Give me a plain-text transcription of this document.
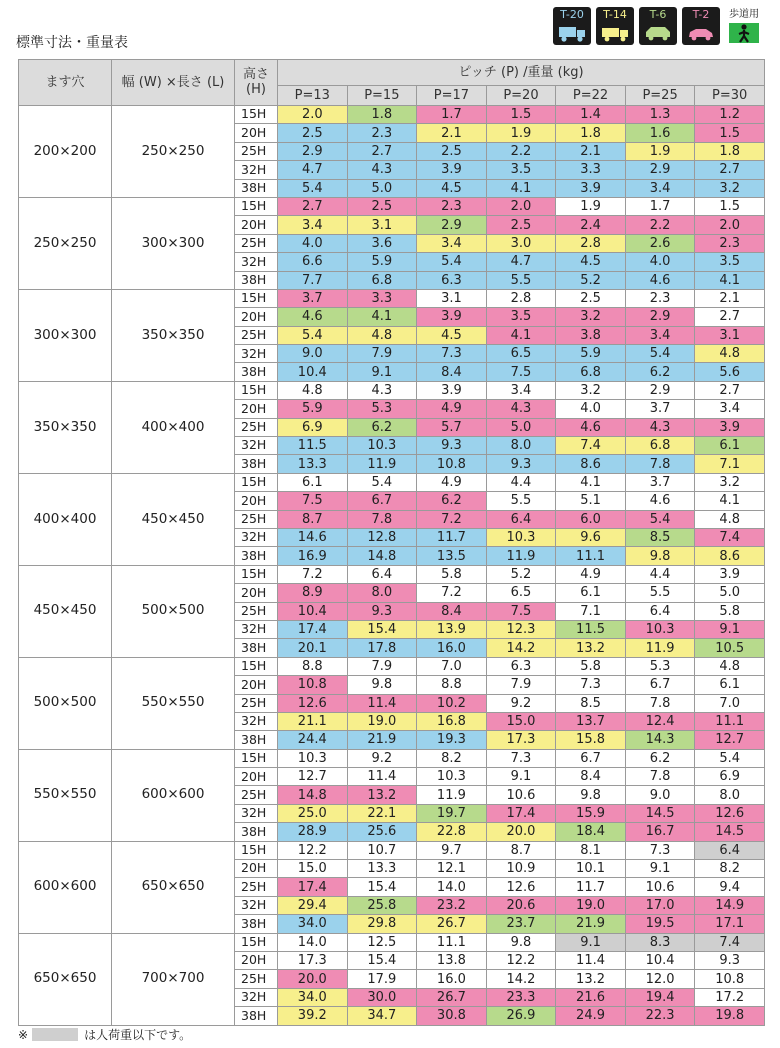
標準寸法・重量表
T-20	T-14	T-6	T-2	歩道用
ます穴	幅 (W) ×長さ (L)	高さ
(H)	ピッチ (P) /重量 (kg)						
			P=13	P=15	P=17	P=20	P=22	P=25	P=30
200×200	250×250	15H	2.0	1.8	1.7	1.5	1.4	1.3	1.2
		20H	2.5	2.3	2.1	1.9	1.8	1.6	1.5
		25H	2.9	2.7	2.5	2.2	2.1	1.9	1.8
		32H	4.7	4.3	3.9	3.5	3.3	2.9	2.7
		38H	5.4	5.0	4.5	4.1	3.9	3.4	3.2
250×250	300×300	15H	2.7	2.5	2.3	2.0	1.9	1.7	1.5
		20H	3.4	3.1	2.9	2.5	2.4	2.2	2.0
		25H	4.0	3.6	3.4	3.0	2.8	2.6	2.3
		32H	6.6	5.9	5.4	4.7	4.5	4.0	3.5
		38H	7.7	6.8	6.3	5.5	5.2	4.6	4.1
300×300	350×350	15H	3.7	3.3	3.1	2.8	2.5	2.3	2.1
		20H	4.6	4.1	3.9	3.5	3.2	2.9	2.7
		25H	5.4	4.8	4.5	4.1	3.8	3.4	3.1
		32H	9.0	7.9	7.3	6.5	5.9	5.4	4.8
		38H	10.4	9.1	8.4	7.5	6.8	6.2	5.6
350×350	400×400	15H	4.8	4.3	3.9	3.4	3.2	2.9	2.7
		20H	5.9	5.3	4.9	4.3	4.0	3.7	3.4
		25H	6.9	6.2	5.7	5.0	4.6	4.3	3.9
		32H	11.5	10.3	9.3	8.0	7.4	6.8	6.1
		38H	13.3	11.9	10.8	9.3	8.6	7.8	7.1
400×400	450×450	15H	6.1	5.4	4.9	4.4	4.1	3.7	3.2
		20H	7.5	6.7	6.2	5.5	5.1	4.6	4.1
		25H	8.7	7.8	7.2	6.4	6.0	5.4	4.8
		32H	14.6	12.8	11.7	10.3	9.6	8.5	7.4
		38H	16.9	14.8	13.5	11.9	11.1	9.8	8.6
450×450	500×500	15H	7.2	6.4	5.8	5.2	4.9	4.4	3.9
		20H	8.9	8.0	7.2	6.5	6.1	5.5	5.0
		25H	10.4	9.3	8.4	7.5	7.1	6.4	5.8
		32H	17.4	15.4	13.9	12.3	11.5	10.3	9.1
		38H	20.1	17.8	16.0	14.2	13.2	11.9	10.5
500×500	550×550	15H	8.8	7.9	7.0	6.3	5.8	5.3	4.8
		20H	10.8	9.8	8.8	7.9	7.3	6.7	6.1
		25H	12.6	11.4	10.2	9.2	8.5	7.8	7.0
		32H	21.1	19.0	16.8	15.0	13.7	12.4	11.1
		38H	24.4	21.9	19.3	17.3	15.8	14.3	12.7
550×550	600×600	15H	10.3	9.2	8.2	7.3	6.7	6.2	5.4
		20H	12.7	11.4	10.3	9.1	8.4	7.8	6.9
		25H	14.8	13.2	11.9	10.6	9.8	9.0	8.0
		32H	25.0	22.1	19.7	17.4	15.9	14.5	12.6
		38H	28.9	25.6	22.8	20.0	18.4	16.7	14.5
600×600	650×650	15H	12.2	10.7	9.7	8.7	8.1	7.3	6.4
		20H	15.0	13.3	12.1	10.9	10.1	9.1	8.2
		25H	17.4	15.4	14.0	12.6	11.7	10.6	9.4
		32H	29.4	25.8	23.2	20.6	19.0	17.0	14.9
		38H	34.0	29.8	26.7	23.7	21.9	19.5	17.1
650×650	700×700	15H	14.0	12.5	11.1	9.8	9.1	8.3	7.4
		20H	17.3	15.4	13.8	12.2	11.4	10.4	9.3
		25H	20.0	17.9	16.0	14.2	13.2	12.0	10.8
		32H	34.0	30.0	26.7	23.3	21.6	19.4	17.2
		38H	39.2	34.7	30.8	26.9	24.9	22.3	19.8
※	は人荷重以下です。
